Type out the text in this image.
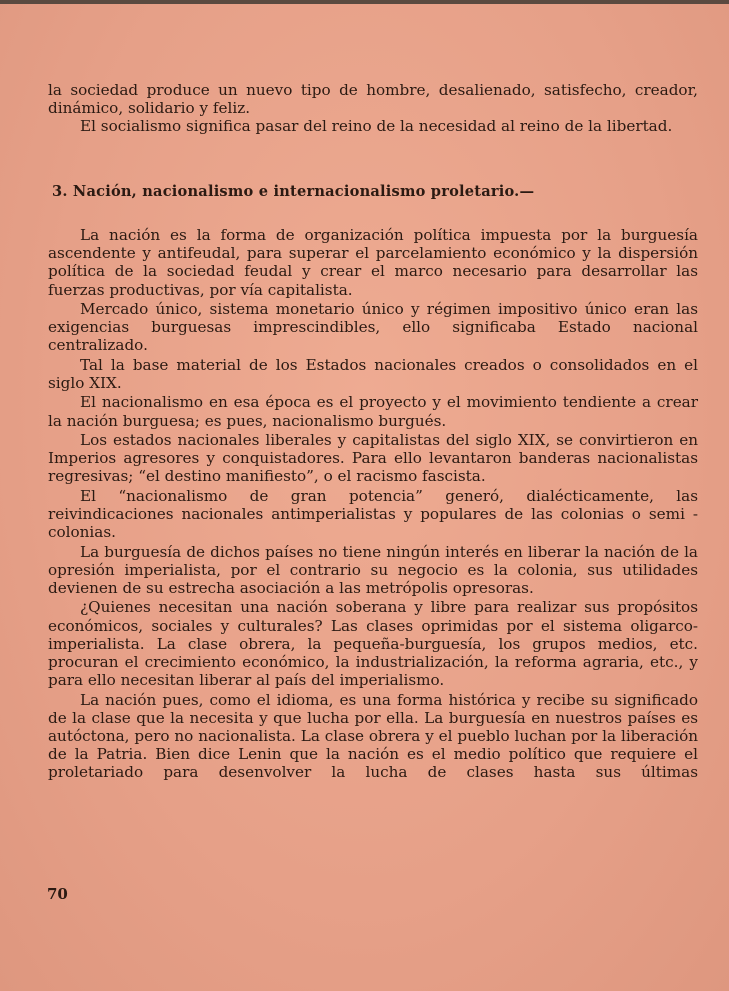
la sociedad produce un nuevo tipo de hombre, desalienado, satisfecho, creador, dinámico, solidario y feliz.

El socialismo significa pasar del reino de la necesidad al reino de la libertad.

3. Nación, nacionalismo e internacionalismo proletario.—

La nación es la forma de organización política impuesta por la burguesía ascendente y antifeudal, para superar el parcelamiento económico y la dispersión política de la sociedad feudal y crear el marco necesario para desarrollar las fuerzas productivas, por vía capitalista.

Mercado único, sistema monetario único y régimen impositivo único eran las exigencias burguesas imprescindibles, ello significaba Estado nacional centralizado.

Tal la base material de los Estados nacionales creados o consolidados en el siglo XIX.

El nacionalismo en esa época es el proyecto y el movimiento tendiente a crear la nación burguesa; es pues, nacionalismo burgués.

Los estados nacionales liberales y capitalistas del siglo XIX, se convirtieron en Imperios agresores y conquistadores. Para ello levantaron banderas nacionalistas regresivas; “el destino manifiesto”, o el racismo fascista.

El “nacionalismo de gran potencia” generó, dialécticamente, las reivindicaciones nacionales antimperialistas y populares de las colonias o semi - colonias.

La burguesía de dichos países no tiene ningún interés en liberar la nación de la opresión imperialista, por el contrario su negocio es la colonia, sus utilidades devienen de su estrecha asociación a las metrópolis opresoras.

¿Quienes necesitan una nación soberana y libre para realizar sus propósitos económicos, sociales y culturales? Las clases oprimidas por el sistema oligarco-imperialista. La clase obrera, la pequeña-burguesía, los grupos medios, etc. procuran el crecimiento económico, la industrialización, la reforma agraria, etc., y para ello necesitan liberar al país del imperialismo.

La nación pues, como el idioma, es una forma histórica y recibe su significado de la clase que la necesita y que lucha por ella. La burguesía en nuestros países es autóctona, pero no nacionalista. La clase obrera y el pueblo luchan por la liberación de la Patria. Bien dice Lenin que la nación es el medio político que requiere el proletariado para desenvolver la lucha de clases hasta sus últimas

70
